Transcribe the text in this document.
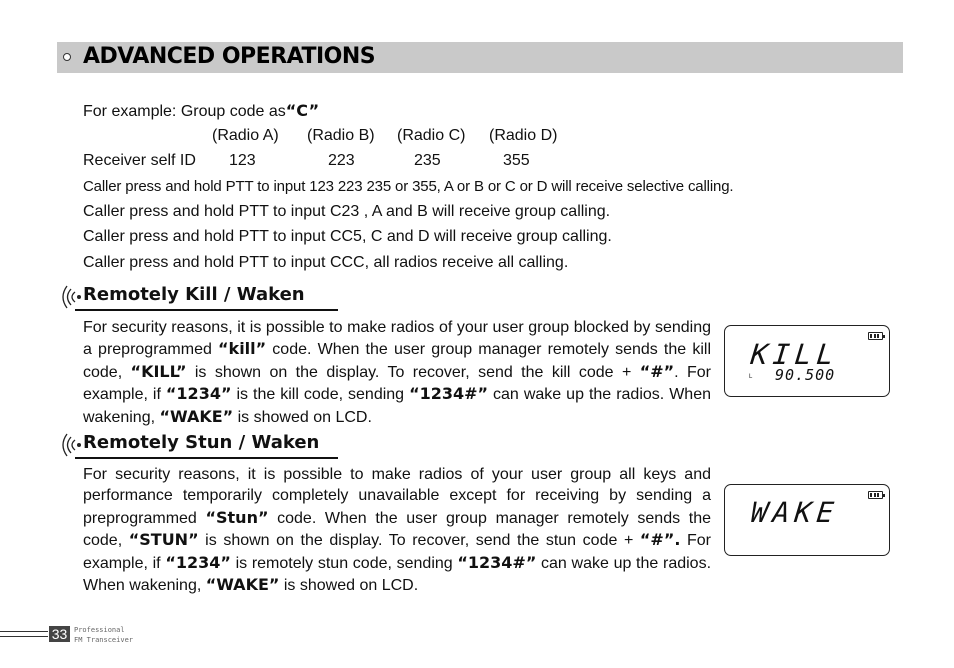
ADVANCED OPERATIONS
For example: Group code as“C”
(Radio A) (Radio B) (Radio C) (Radio D)
Receiver self ID 123	223	235	355
Caller press and hold PTT to input 123 223 235 or 355, A or B or C or D will receive selective calling.
Caller press and hold PTT to input C23 , A and B will receive group calling.
Caller press and hold PTT to input CC5, C and D will receive group calling.
Caller press and hold PTT to input CCC, all radios receive all calling.
Remotely Kill / Waken
For security reasons, it is possible to make radios of your user group blocked by sending a preprogrammed “kill” code. When the user group manager remotely sends the kill code, “KILL” is shown on the display. To recover, send the kill code + “#”. For example, if “1234” is the kill code, sending “1234#” can wake up the radios. When wakening, “WAKE” is showed on LCD.
KILL
L 90.500
Remotely Stun / Waken
For security reasons, it is possible to make radios of your user group all keys and performance temporarily completely unavailable except for receiving by sending a preprogrammed “Stun” code. When the user group manager remotely sends the code, “STUN” is shown on the display. To recover, send the stun code + “#”. For example, if “1234” is remotely stun code, sending “1234#” can wake up the radios. When wakening, “WAKE” is showed on LCD.
WAKE
33 Professional
FM Transceiver
